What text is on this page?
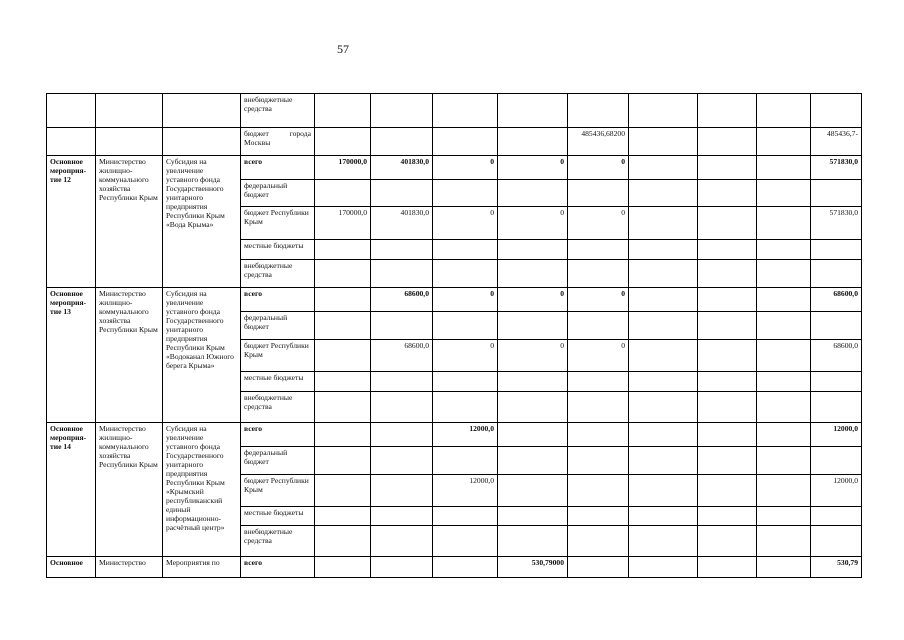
57
			внебюджетные средства									

			бюджет города
Москвы					485436,68200				485436,7-
Основное мероприя-тие 12	Министерство жилищно-коммунального хозяйства Республики Крым	Субсидия на увеличение уставного фонда Государственного унитарного предприятия Республики Крым «Вода Крыма»	всего	170000,0	401830,0	0	0	0				571830,0
			федеральный бюджет									
			бюджет Республики Крым	170000,0	401830,0	0	0	0				571830,0
			местные бюджеты									
			внебюджетные средства									
Основное мероприя-тие 13	Министерство жилищно-коммунального хозяйства Республики Крым	Субсидия на увеличение уставного фонда Государственного унитарного предприятия Республики Крым «Водоканал Южного берега Крыма»	всего		68600,0	0	0	0				68600,0
			федеральный бюджет									
			бюджет Республики Крым		68600,0	0	0	0				68600,0
			местные бюджеты									
			внебюджетные средства									
Основное мероприя-тие 14	Министерство жилищно-коммунального хозяйства Республики Крым	Субсидия на увеличение уставного фонда Государственного унитарного предприятия Республики Крым «Крымский республиканский единый информационно-расчётный центр»	всего			12000,0						12000,0
			федеральный бюджет									
			бюджет Республики Крым			12000,0						12000,0
			местные бюджеты									
			внебюджетные средства									
Основное	Министерство	Мероприятия по	всего				530,79000					530,79
